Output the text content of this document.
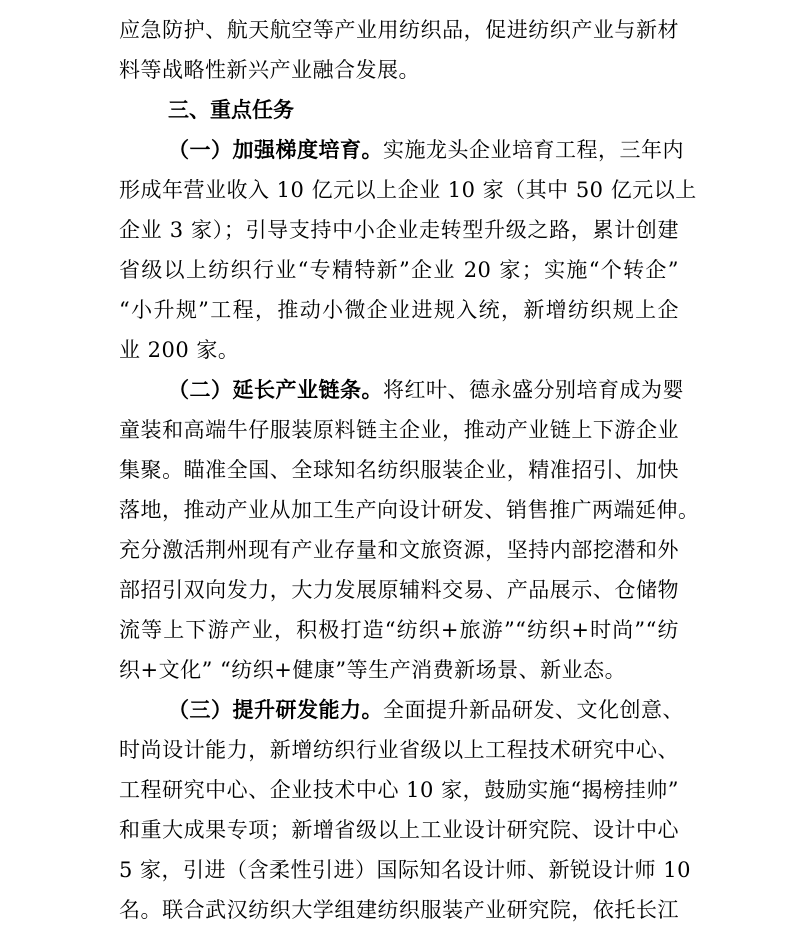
应急防护、航天航空等产业用纺织品，促进纺织产业与新材
料等战略性新兴产业融合发展。
三、重点任务
（一）加强梯度培育。实施龙头企业培育工程，三年内
形成年营业收入 10 亿元以上企业 10 家（其中 50 亿元以上
企业 3 家）；引导支持中小企业走转型升级之路，累计创建
省级以上纺织行业“专精特新”企业 20 家；实施“个转企”
“小升规”工程，推动小微企业进规入统，新增纺织规上企
业 200 家。
（二）延长产业链条。将红叶、德永盛分别培育成为婴
童装和高端牛仔服装原料链主企业，推动产业链上下游企业
集聚。瞄准全国、全球知名纺织服装企业，精准招引、加快
落地，推动产业从加工生产向设计研发、销售推广两端延伸。
充分激活荆州现有产业存量和文旅资源，坚持内部挖潜和外
部招引双向发力，大力发展原辅料交易、产品展示、仓储物
流等上下游产业，积极打造“纺织+旅游”“纺织+时尚”“纺
织+文化” “纺织+健康”等生产消费新场景、新业态。
（三）提升研发能力。全面提升新品研发、文化创意、
时尚设计能力，新增纺织行业省级以上工程技术研究中心、
工程研究中心、企业技术中心 10 家，鼓励实施“揭榜挂帅”
和重大成果专项；新增省级以上工业设计研究院、设计中心
5 家，引进（含柔性引进）国际知名设计师、新锐设计师 10
名。联合武汉纺织大学组建纺织服装产业研究院，依托长江
